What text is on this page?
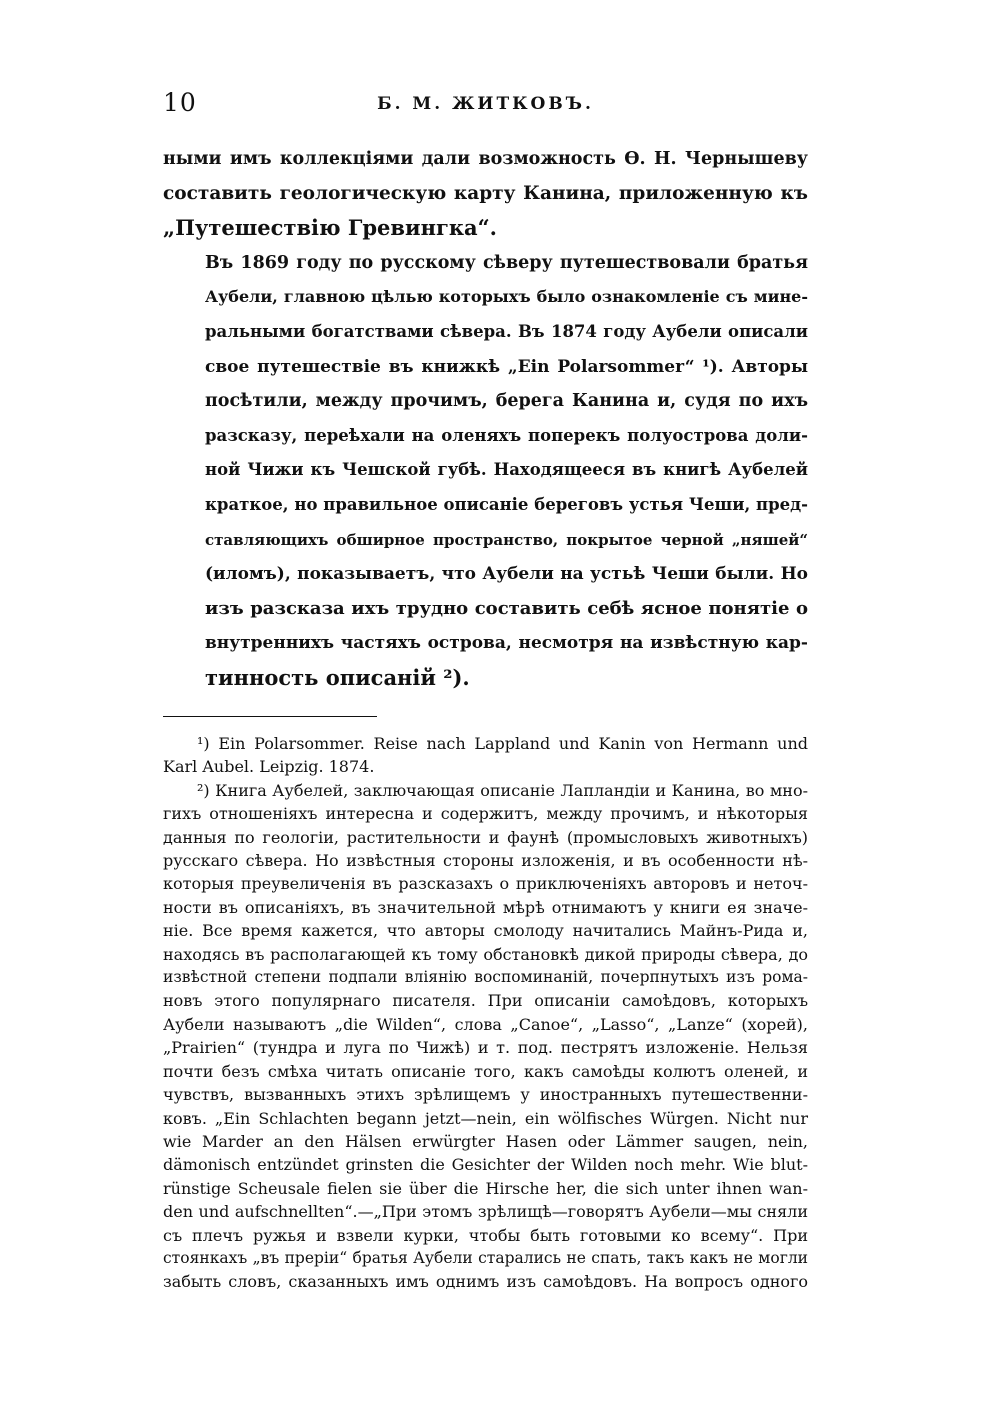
10	Б. М. ЖИТКОВЪ.

ными имъ коллекціями дали возможность Ѳ. Н. Чернышеву
составить геологическую карту Канина, приложенную къ
„Путешествію Гревингка“.

Въ 1869 году по русскому сѣверу путешествовали братья
Аубели, главною цѣлью которыхъ было ознакомленіе съ мине-
ральными богатствами сѣвера. Въ 1874 году Аубели описали
свое путешествіе въ книжкѣ „Ein Polarsommer“ ¹). Авторы
посѣтили, между прочимъ, берега Канина и, судя по ихъ
разсказу, переѣхали на оленяхъ поперекъ полуострова доли-
ной Чижи къ Чешской губѣ. Находящееся въ книгѣ Аубелей
краткое, но правильное описаніе береговъ устья Чеши, пред-
ставляющихъ обширное пространство, покрытое черной „няшей“
(иломъ), показываетъ, что Аубели на устьѣ Чеши были. Но
изъ разсказа ихъ трудно составить себѣ ясное понятіе о
внутреннихъ частяхъ острова, несмотря на извѣстную кар-
тинность описаній ²).

¹) Ein Polarsommer. Reise nach Lappland und Kanin von Hermann und
Karl Aubel. Leipzig. 1874.
²) Книга Аубелей, заключающая описаніе Лапландіи и Канина, во мно-
гихъ отношеніяхъ интересна и содержитъ, между прочимъ, и нѣкоторыя
данныя по геологіи, растительности и фаунѣ (промысловыхъ животныхъ)
русскаго сѣвера. Но извѣстныя стороны изложенія, и въ особенности нѣ-
которыя преувеличенія въ разсказахъ о приключеніяхъ авторовъ и неточ-
ности въ описаніяхъ, въ значительной мѣрѣ отнимаютъ у книги ея значе-
ніе. Все время кажется, что авторы смолоду начитались Майнъ-Рида и,
находясь въ располагающей къ тому обстановкѣ дикой природы сѣвера, до
извѣстной степени подпали вліянію воспоминаній, почерпнутыхъ изъ рома-
новъ этого популярнаго писателя. При описаніи самоѣдовъ, которыхъ
Аубели называютъ „die Wilden“, слова „Canoe“, „Lasso“, „Lanze“ (хорей),
„Prairien“ (тундра и луга по Чижѣ) и т. под. пестрятъ изложеніе. Нельзя
почти безъ смѣха читать описаніе того, какъ самоѣды колютъ оленей, и
чувствъ, вызванныхъ этихъ зрѣлищемъ у иностранныхъ путешественни-
ковъ. „Ein Schlachten begann jetzt—nein, ein wölfisches Würgen. Nicht nur
wie Marder an den Hälsen erwürgter Hasen oder Lämmer saugen, nein,
dämonisch entzündet grinsten die Gesichter der Wilden noch mehr. Wie blut-
rünstige Scheusale fielen sie über die Hirsche her, die sich unter ihnen wan-
den und aufschnellten“.—„При этомъ зрѣлищѣ—говорятъ Аубели—мы сняли
съ плечъ ружья и взвели курки, чтобы быть готовыми ко всему“. При
стоянкахъ „въ преріи“ братья Аубели старались не спать, такъ какъ не могли
забыть словъ, сказанныхъ имъ однимъ изъ самоѣдовъ. На вопросъ одного
